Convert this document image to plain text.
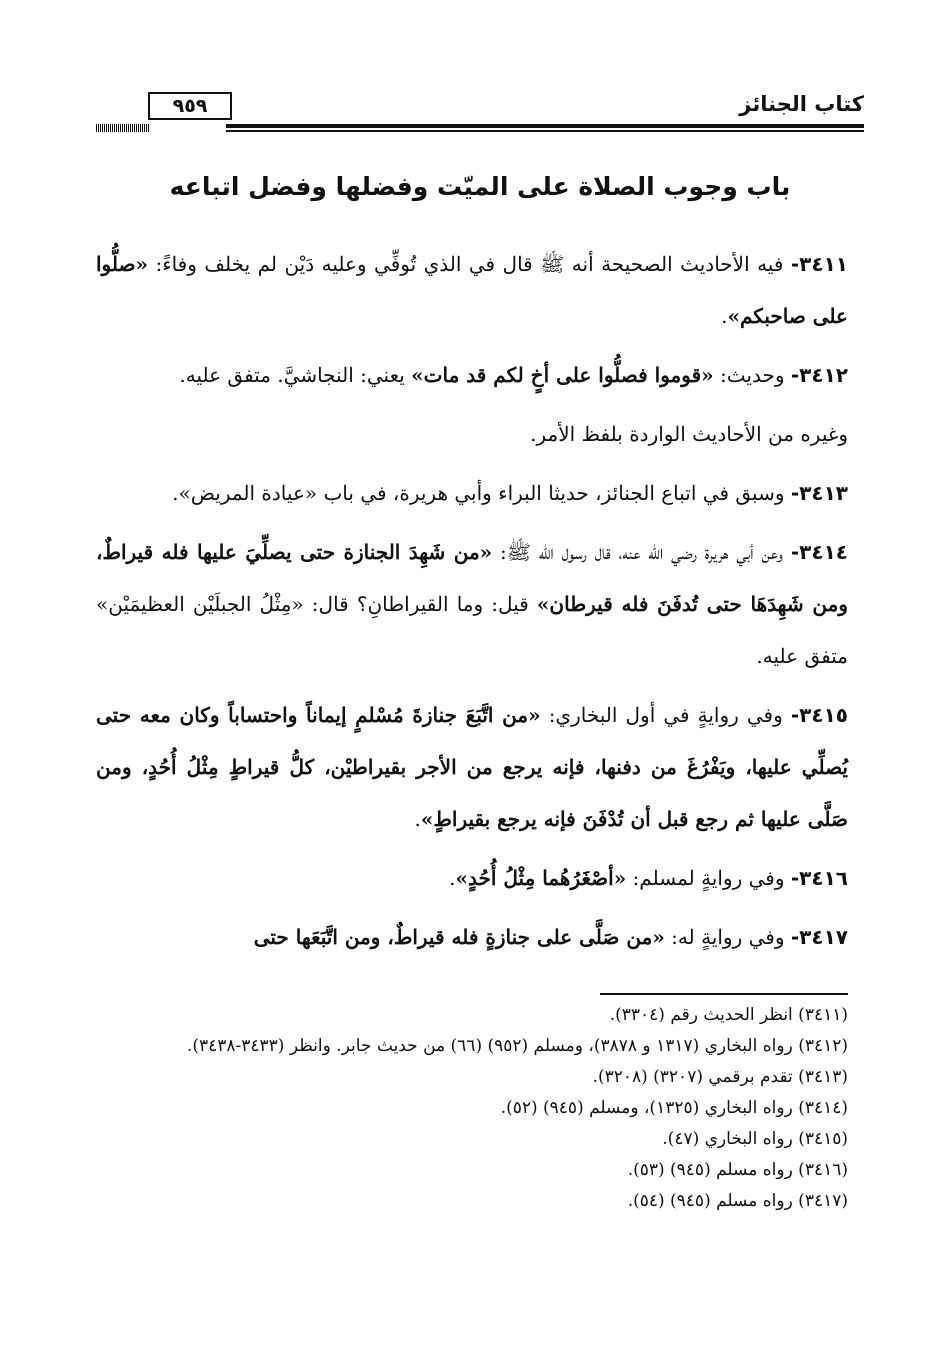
كتاب الجنائز
٩٥٩
باب وجوب الصلاة على الميّت وفضلها وفضل اتباعه

٣٤١١- فيه الأحاديث الصحيحة أنه ﷺ قال في الذي تُوفِّي وعليه دَيْن لم يخلف وفاءً: «صلُّوا على صاحبكم».

٣٤١٢- وحديث: «قوموا فصلُّوا على أخٍ لكم قد مات» يعني: النجاشيَّ. متفق عليه.

وغيره من الأحاديث الواردة بلفظ الأمر.

٣٤١٣- وسبق في اتباع الجنائز، حديثا البراء وأبي هريرة، في باب «عيادة المريض».

٣٤١٤- وعن أبي هريرة رضي الله عنه، قال رسول الله ﷺ: «من شَهِدَ الجنازة حتى يصلِّيَ عليها فله قيراطٌ، ومن شَهِدَهَا حتى تُدفَنَ فله قيرطان» قيل: وما القيراطانِ؟ قال: «مِثْلُ الجبلَيْن العظيمَيْن» متفق عليه.

٣٤١٥- وفي روايةٍ في أول البخاري: «من اتَّبَعَ جنازةَ مُسْلمٍ إيماناً واحتساباً وكان معه حتى يُصلِّي عليها، ويَفْرُغَ من دفنها، فإنه يرجع من الأجر بقيراطيْن، كلُّ قيراطٍ مِثْلُ أُحُدٍ، ومن صَلَّى عليها ثم رجع قبل أن تُدْفَنَ فإنه يرجع بقيراطٍ».

٣٤١٦- وفي روايةٍ لمسلم: «أصْغَرُهُما مِثْلُ أُحُدٍ».

٣٤١٧- وفي روايةٍ له: «من صَلَّى على جنازةٍ فله قيراطٌ، ومن اتَّبَعَها حتى

(٣٤١١) انظر الحديث رقم (٣٣٠٤).

(٣٤١٢) رواه البخاري (١٣١٧ و ٣٨٧٨)، ومسلم (٩٥٢) (٦٦) من حديث جابر. وانظر (٣٤٣٣-٣٤٣٨).

(٣٤١٣) تقدم برقمي (٣٢٠٧) (٣٢٠٨).

(٣٤١٤) رواه البخاري (١٣٢٥)، ومسلم (٩٤٥) (٥٢).

(٣٤١٥) رواه البخاري (٤٧).

(٣٤١٦) رواه مسلم (٩٤٥) (٥٣).

(٣٤١٧) رواه مسلم (٩٤٥) (٥٤).
